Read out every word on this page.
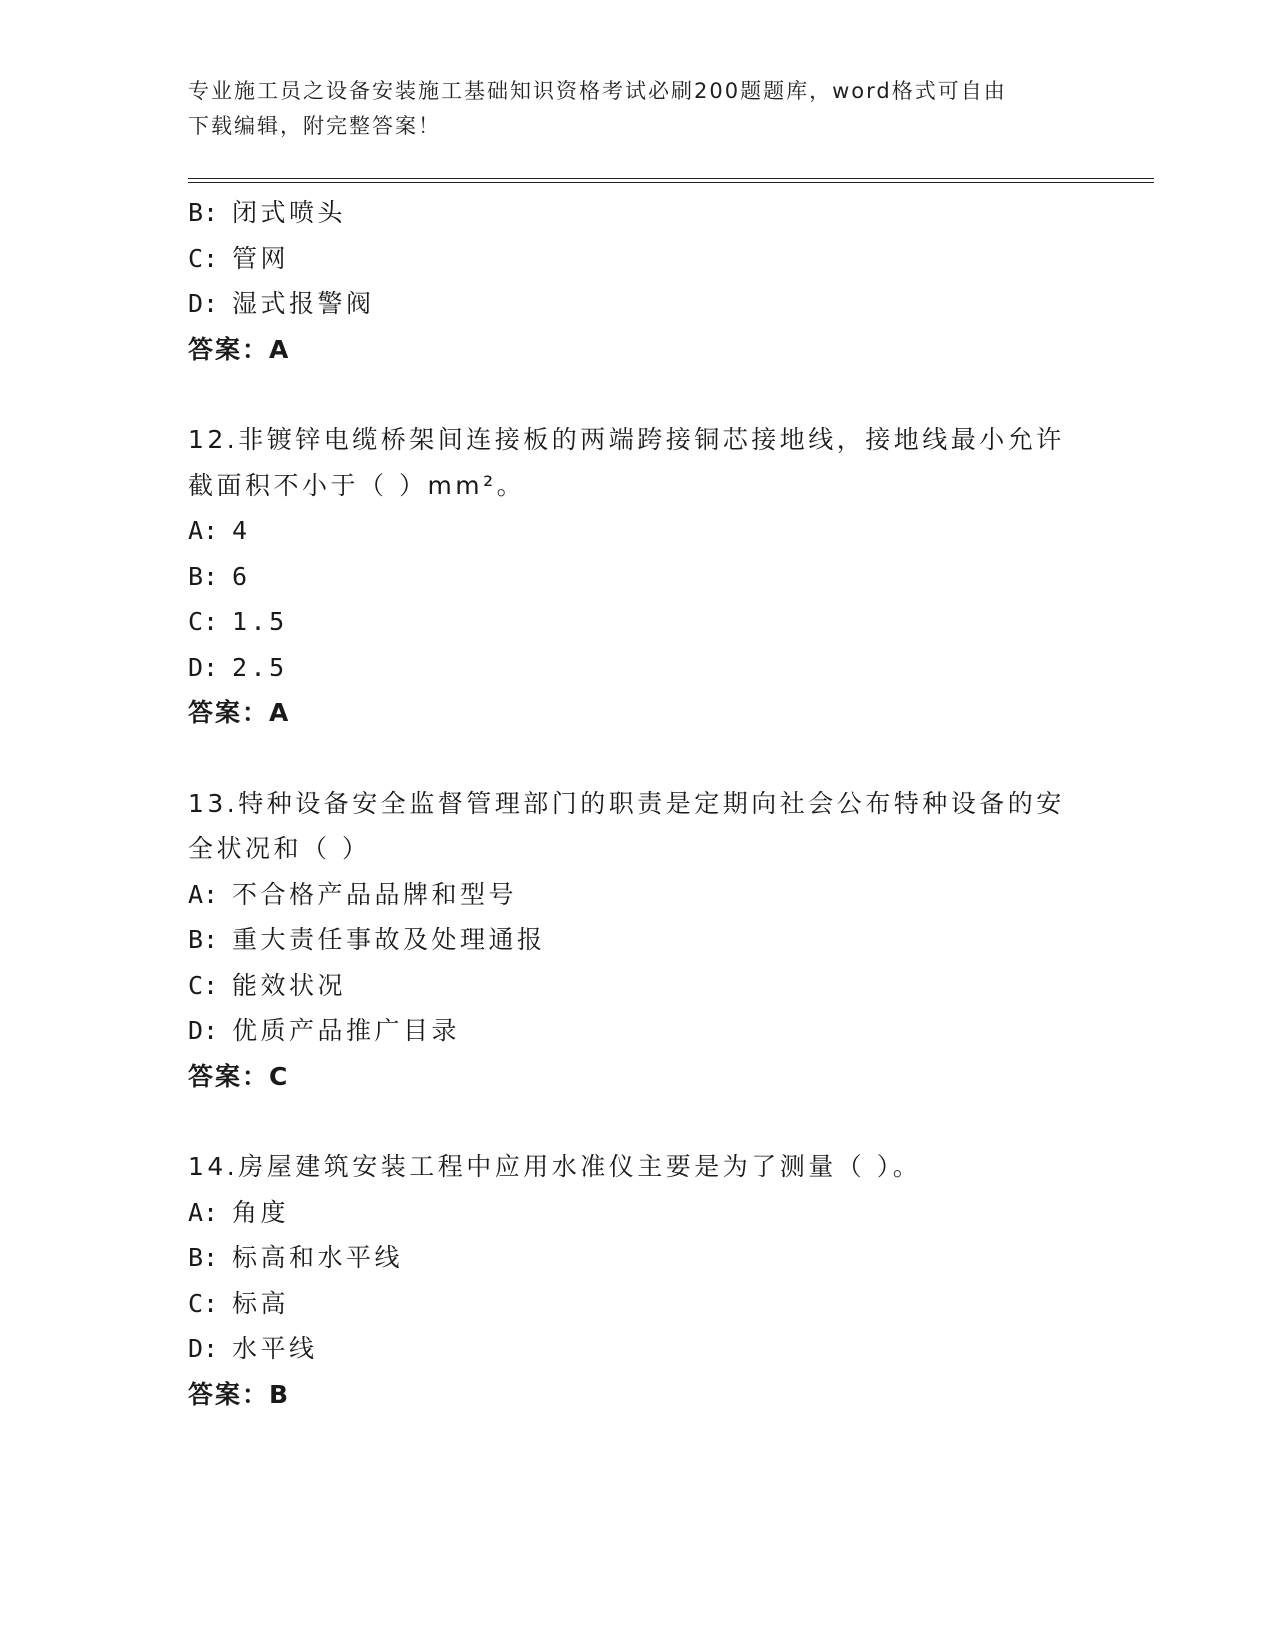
专业施工员之设备安装施工基础知识资格考试必刷200题题库，word格式可自由
下载编辑，附完整答案！
B: 闭式喷头
C: 管网
D: 湿式报警阀
答案：A
12.非镀锌电缆桥架间连接板的两端跨接铜芯接地线，接地线最小允许
截面积不小于（ ）mm²。
A: 4
B: 6
C: 1.5
D: 2.5
答案：A
13.特种设备安全监督管理部门的职责是定期向社会公布特种设备的安
全状况和（ ）
A: 不合格产品品牌和型号
B: 重大责任事故及处理通报
C: 能效状况
D: 优质产品推广目录
答案：C
14.房屋建筑安装工程中应用水准仪主要是为了测量（ ）。
A: 角度
B: 标高和水平线
C: 标高
D: 水平线
答案：B
